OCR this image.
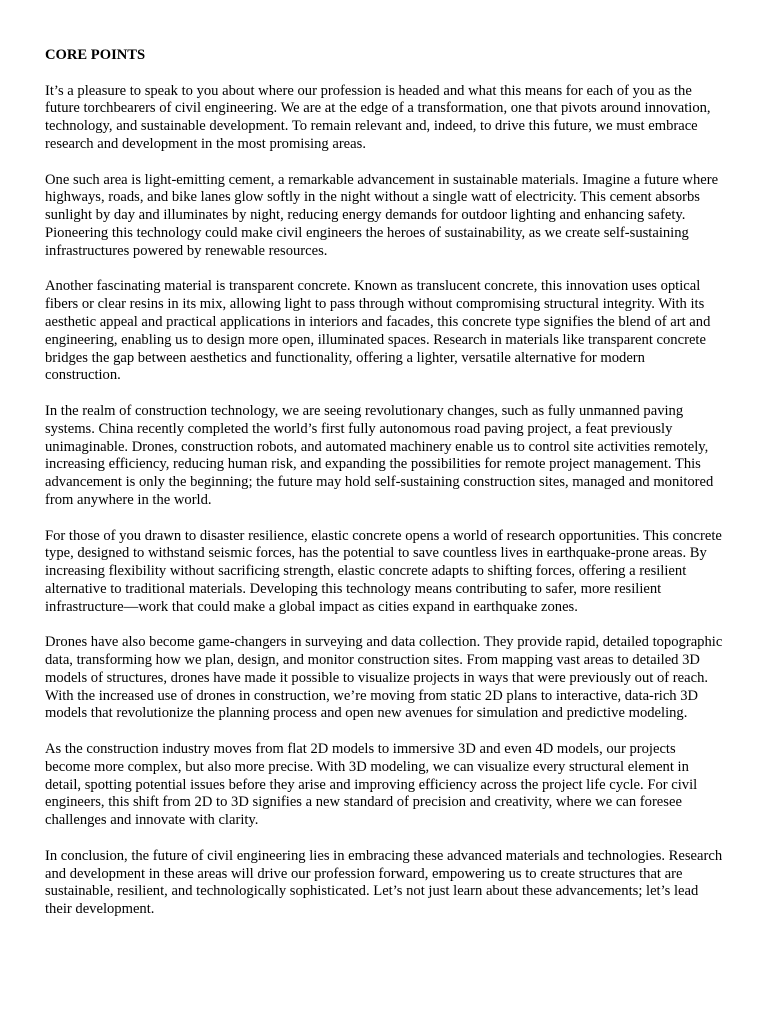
CORE POINTS
It’s a pleasure to speak to you about where our profession is headed and what this means for each of you as the future torchbearers of civil engineering. We are at the edge of a transformation, one that pivots around innovation, technology, and sustainable development. To remain relevant and, indeed, to drive this future, we must embrace research and development in the most promising areas.
One such area is light-emitting cement, a remarkable advancement in sustainable materials. Imagine a future where highways, roads, and bike lanes glow softly in the night without a single watt of electricity. This cement absorbs sunlight by day and illuminates by night, reducing energy demands for outdoor lighting and enhancing safety. Pioneering this technology could make civil engineers the heroes of sustainability, as we create self-sustaining infrastructures powered by renewable resources.
Another fascinating material is transparent concrete. Known as translucent concrete, this innovation uses optical fibers or clear resins in its mix, allowing light to pass through without compromising structural integrity. With its aesthetic appeal and practical applications in interiors and facades, this concrete type signifies the blend of art and engineering, enabling us to design more open, illuminated spaces. Research in materials like transparent concrete bridges the gap between aesthetics and functionality, offering a lighter, versatile alternative for modern construction.
In the realm of construction technology, we are seeing revolutionary changes, such as fully unmanned paving systems. China recently completed the world’s first fully autonomous road paving project, a feat previously unimaginable. Drones, construction robots, and automated machinery enable us to control site activities remotely, increasing efficiency, reducing human risk, and expanding the possibilities for remote project management. This advancement is only the beginning; the future may hold self-sustaining construction sites, managed and monitored from anywhere in the world.
For those of you drawn to disaster resilience, elastic concrete opens a world of research opportunities. This concrete type, designed to withstand seismic forces, has the potential to save countless lives in earthquake-prone areas. By increasing flexibility without sacrificing strength, elastic concrete adapts to shifting forces, offering a resilient alternative to traditional materials. Developing this technology means contributing to safer, more resilient infrastructure—work that could make a global impact as cities expand in earthquake zones.
Drones have also become game-changers in surveying and data collection. They provide rapid, detailed topographic data, transforming how we plan, design, and monitor construction sites. From mapping vast areas to detailed 3D models of structures, drones have made it possible to visualize projects in ways that were previously out of reach. With the increased use of drones in construction, we’re moving from static 2D plans to interactive, data-rich 3D models that revolutionize the planning process and open new avenues for simulation and predictive modeling.
As the construction industry moves from flat 2D models to immersive 3D and even 4D models, our projects become more complex, but also more precise. With 3D modeling, we can visualize every structural element in detail, spotting potential issues before they arise and improving efficiency across the project life cycle. For civil engineers, this shift from 2D to 3D signifies a new standard of precision and creativity, where we can foresee challenges and innovate with clarity.
In conclusion, the future of civil engineering lies in embracing these advanced materials and technologies. Research and development in these areas will drive our profession forward, empowering us to create structures that are sustainable, resilient, and technologically sophisticated. Let’s not just learn about these advancements; let’s lead their development.
